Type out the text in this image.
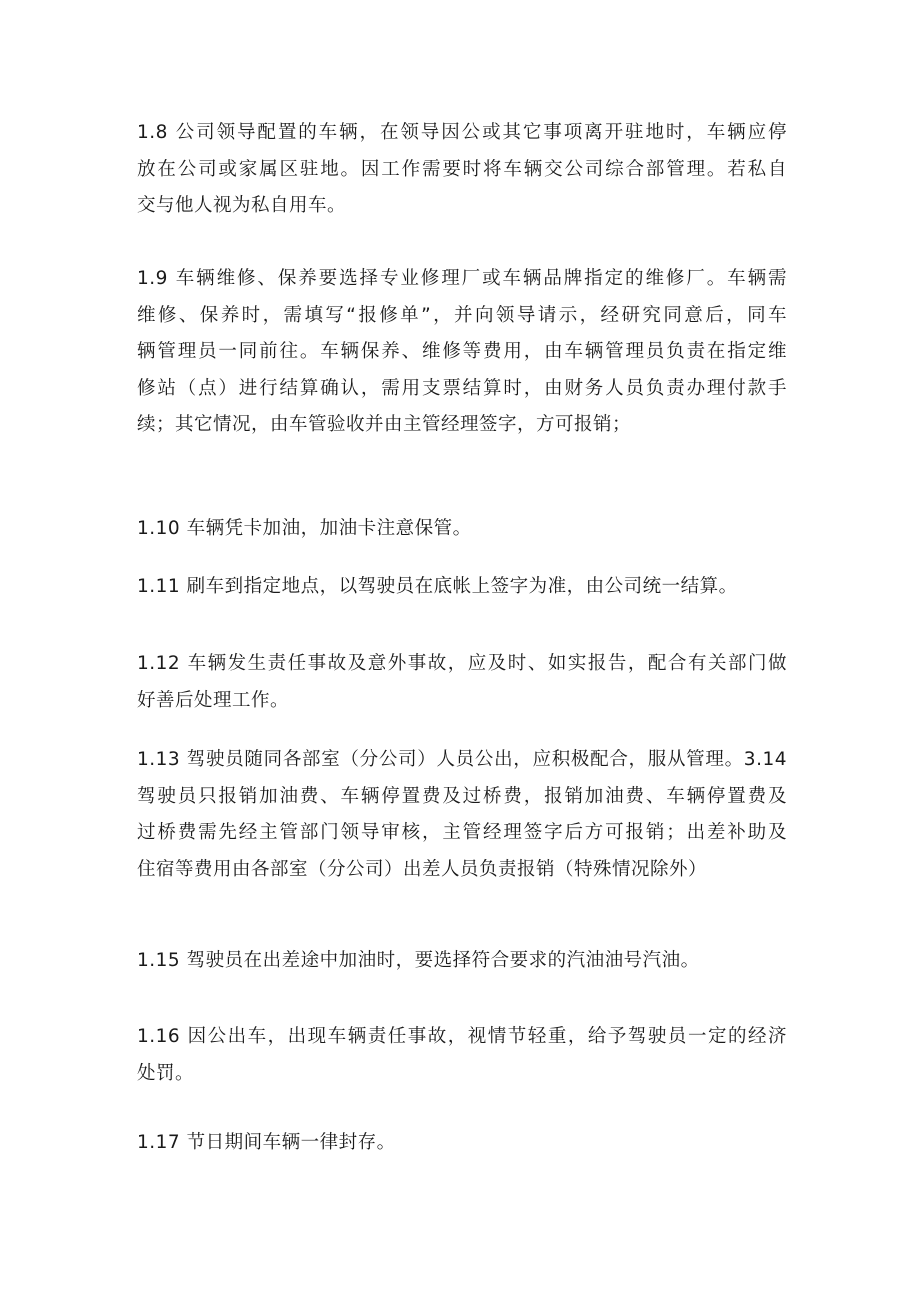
1.8 公司领导配置的车辆，在领导因公或其它事项离开驻地时，车辆应停
放在公司或家属区驻地。因工作需要时将车辆交公司综合部管理。若私自
交与他人视为私自用车。
1.9 车辆维修、保养要选择专业修理厂或车辆品牌指定的维修厂。车辆需
维修、保养时，需填写“报修单”，并向领导请示，经研究同意后，同车
辆管理员一同前往。车辆保养、维修等费用，由车辆管理员负责在指定维
修站（点）进行结算确认，需用支票结算时，由财务人员负责办理付款手
续；其它情况，由车管验收并由主管经理签字，方可报销；
1.10 车辆凭卡加油，加油卡注意保管。
1.11 刷车到指定地点，以驾驶员在底帐上签字为准，由公司统一结算。
1.12 车辆发生责任事故及意外事故，应及时、如实报告，配合有关部门做
好善后处理工作。
1.13 驾驶员随同各部室（分公司）人员公出，应积极配合，服从管理。3.14
驾驶员只报销加油费、车辆停置费及过桥费，报销加油费、车辆停置费及
过桥费需先经主管部门领导审核，主管经理签字后方可报销；出差补助及
住宿等费用由各部室（分公司）出差人员负责报销（特殊情况除外）
1.15 驾驶员在出差途中加油时，要选择符合要求的汽油油号汽油。
1.16 因公出车，出现车辆责任事故，视情节轻重，给予驾驶员一定的经济
处罚。
1.17 节日期间车辆一律封存。
